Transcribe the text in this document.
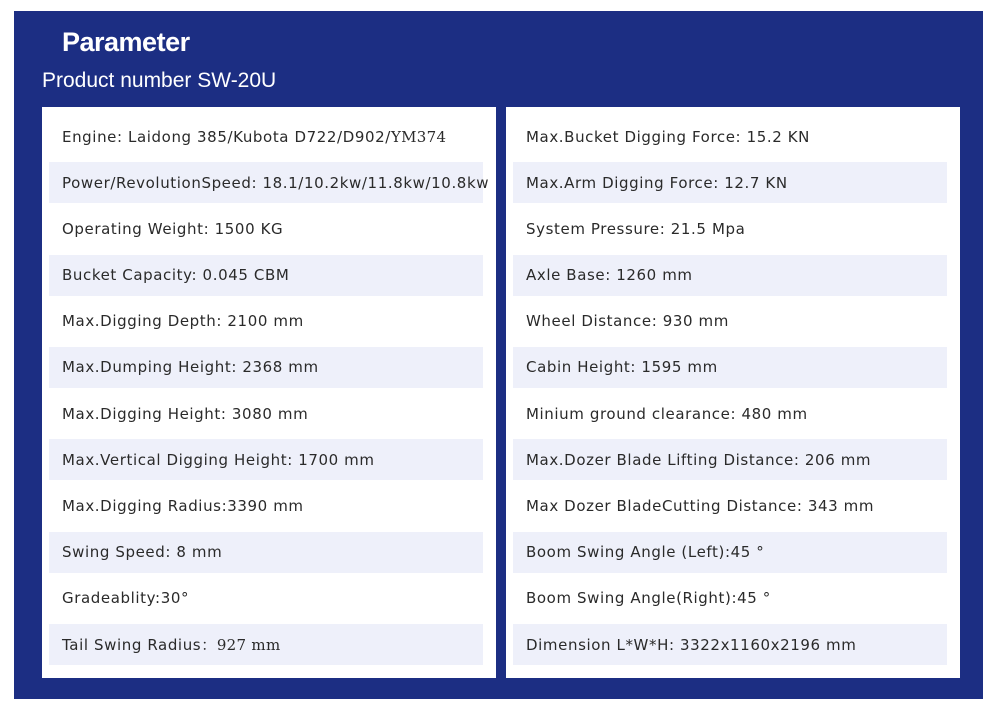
Parameter
Product number SW-20U
Engine: Laidong 385/Kubota D722/D902/ YM374
Power/RevolutionSpeed: 18.1/10.2kw/11.8kw/10.8kw
Operating Weight: 1500 KG
Bucket Capacity: 0.045 CBM
Max.Digging Depth: 2100 mm
Max.Dumping Height: 2368 mm
Max.Digging Height: 3080 mm
Max.Vertical Digging Height: 1700 mm
Max.Digging Radius:3390 mm
Swing Speed: 8 mm
Gradeablity:30°
Tail Swing Radius： 927 mm
Max.Bucket Digging Force: 15.2 KN
Max.Arm Digging Force: 12.7 KN
System Pressure: 21.5 Mpa
Axle Base: 1260 mm
Wheel Distance: 930 mm
Cabin Height: 1595 mm
Minium ground clearance: 480 mm
Max.Dozer Blade Lifting Distance: 206 mm
Max Dozer BladeCutting Distance: 343 mm
Boom Swing Angle (Left):45 °
Boom Swing Angle(Right):45 °
Dimension L*W*H: 3322x1160x2196 mm
